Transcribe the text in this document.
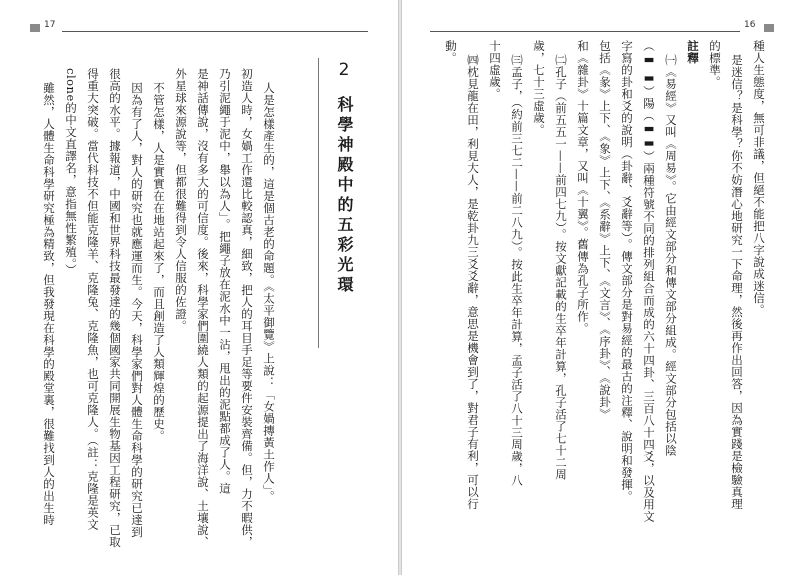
17
2
科學神殿中的五彩光環
人是怎樣產生的，這是個古老的命題。《太平御覽》上說：「女媧摶黃土作人」。
初造人時，女媧工作還比較認真，細致，把人的耳目手足等要件安裝齊備。但，力不暇供，
乃引泥繩于泥中，舉以為人」。把繩子放在泥水中一沾，甩出的泥點都成了人。這
是神話傳說，沒有多大的可信度。後來，科學家們圍繞人類的起源提出了海洋說、土壤說、
外星球來源說等，但都很難得到令人信服的佐證。
不管怎樣，人是實實在在地站起來了，而且創造了人類輝煌的歷史。
因為有了人，對人的研究也就應運而生。今天，科學家們對人體生命科學的研究已達到
很高的水平。據報道，中國和世界科技最發達的幾個國家共同開展生物基因工程研究，已取
得重大突破。當代科技不但能克隆羊、克隆兔、克隆魚，也可克隆人。（註：克隆是英文
clone的中文直譯名，意指無性繁殖。）
雖然，人體生命科學研究極為精致，但我發現在科學的殿堂裏，很難找到人的出生時
16
種人生態度，無可非議，但絕不能把八字說成迷信。
是迷信？是科學？你不妨潛心地研究一下命理，然後再作出回答，因為實踐是檢驗真理
的標準。
註釋
㈠《易經》又叫《周易》。它由經文部分和傳文部分組成。經文部分包括以陰
（▬ ▬）陽（▬▬）兩種符號不同的排列組合而成的六十四卦、三百八十四爻，以及用文
字寫的卦和爻的說明（卦辭、爻辭等）。傳文部分是對易經的最古的注釋、說明和發揮。
包括《彖》上下、《象》上下、《系辭》上下、《文言》、《序卦》、《說卦》
和《雜卦》十篇文章，又叫《十翼》。舊傳為孔子所作。
㈡孔子（前五五一——前四七九）。按文獻記載的生卒年計算，孔子活了七十二周
歲，七十三虛歲。
㈢孟子，（約前三七二——前二八九）。按此生卒年計算，孟子活了八十三周歲，八
十四虛歲。
㈣枕見龍在田，利見大人，是乾卦九三爻爻辭，意思是機會到了，對君子有利，可以行
動。
